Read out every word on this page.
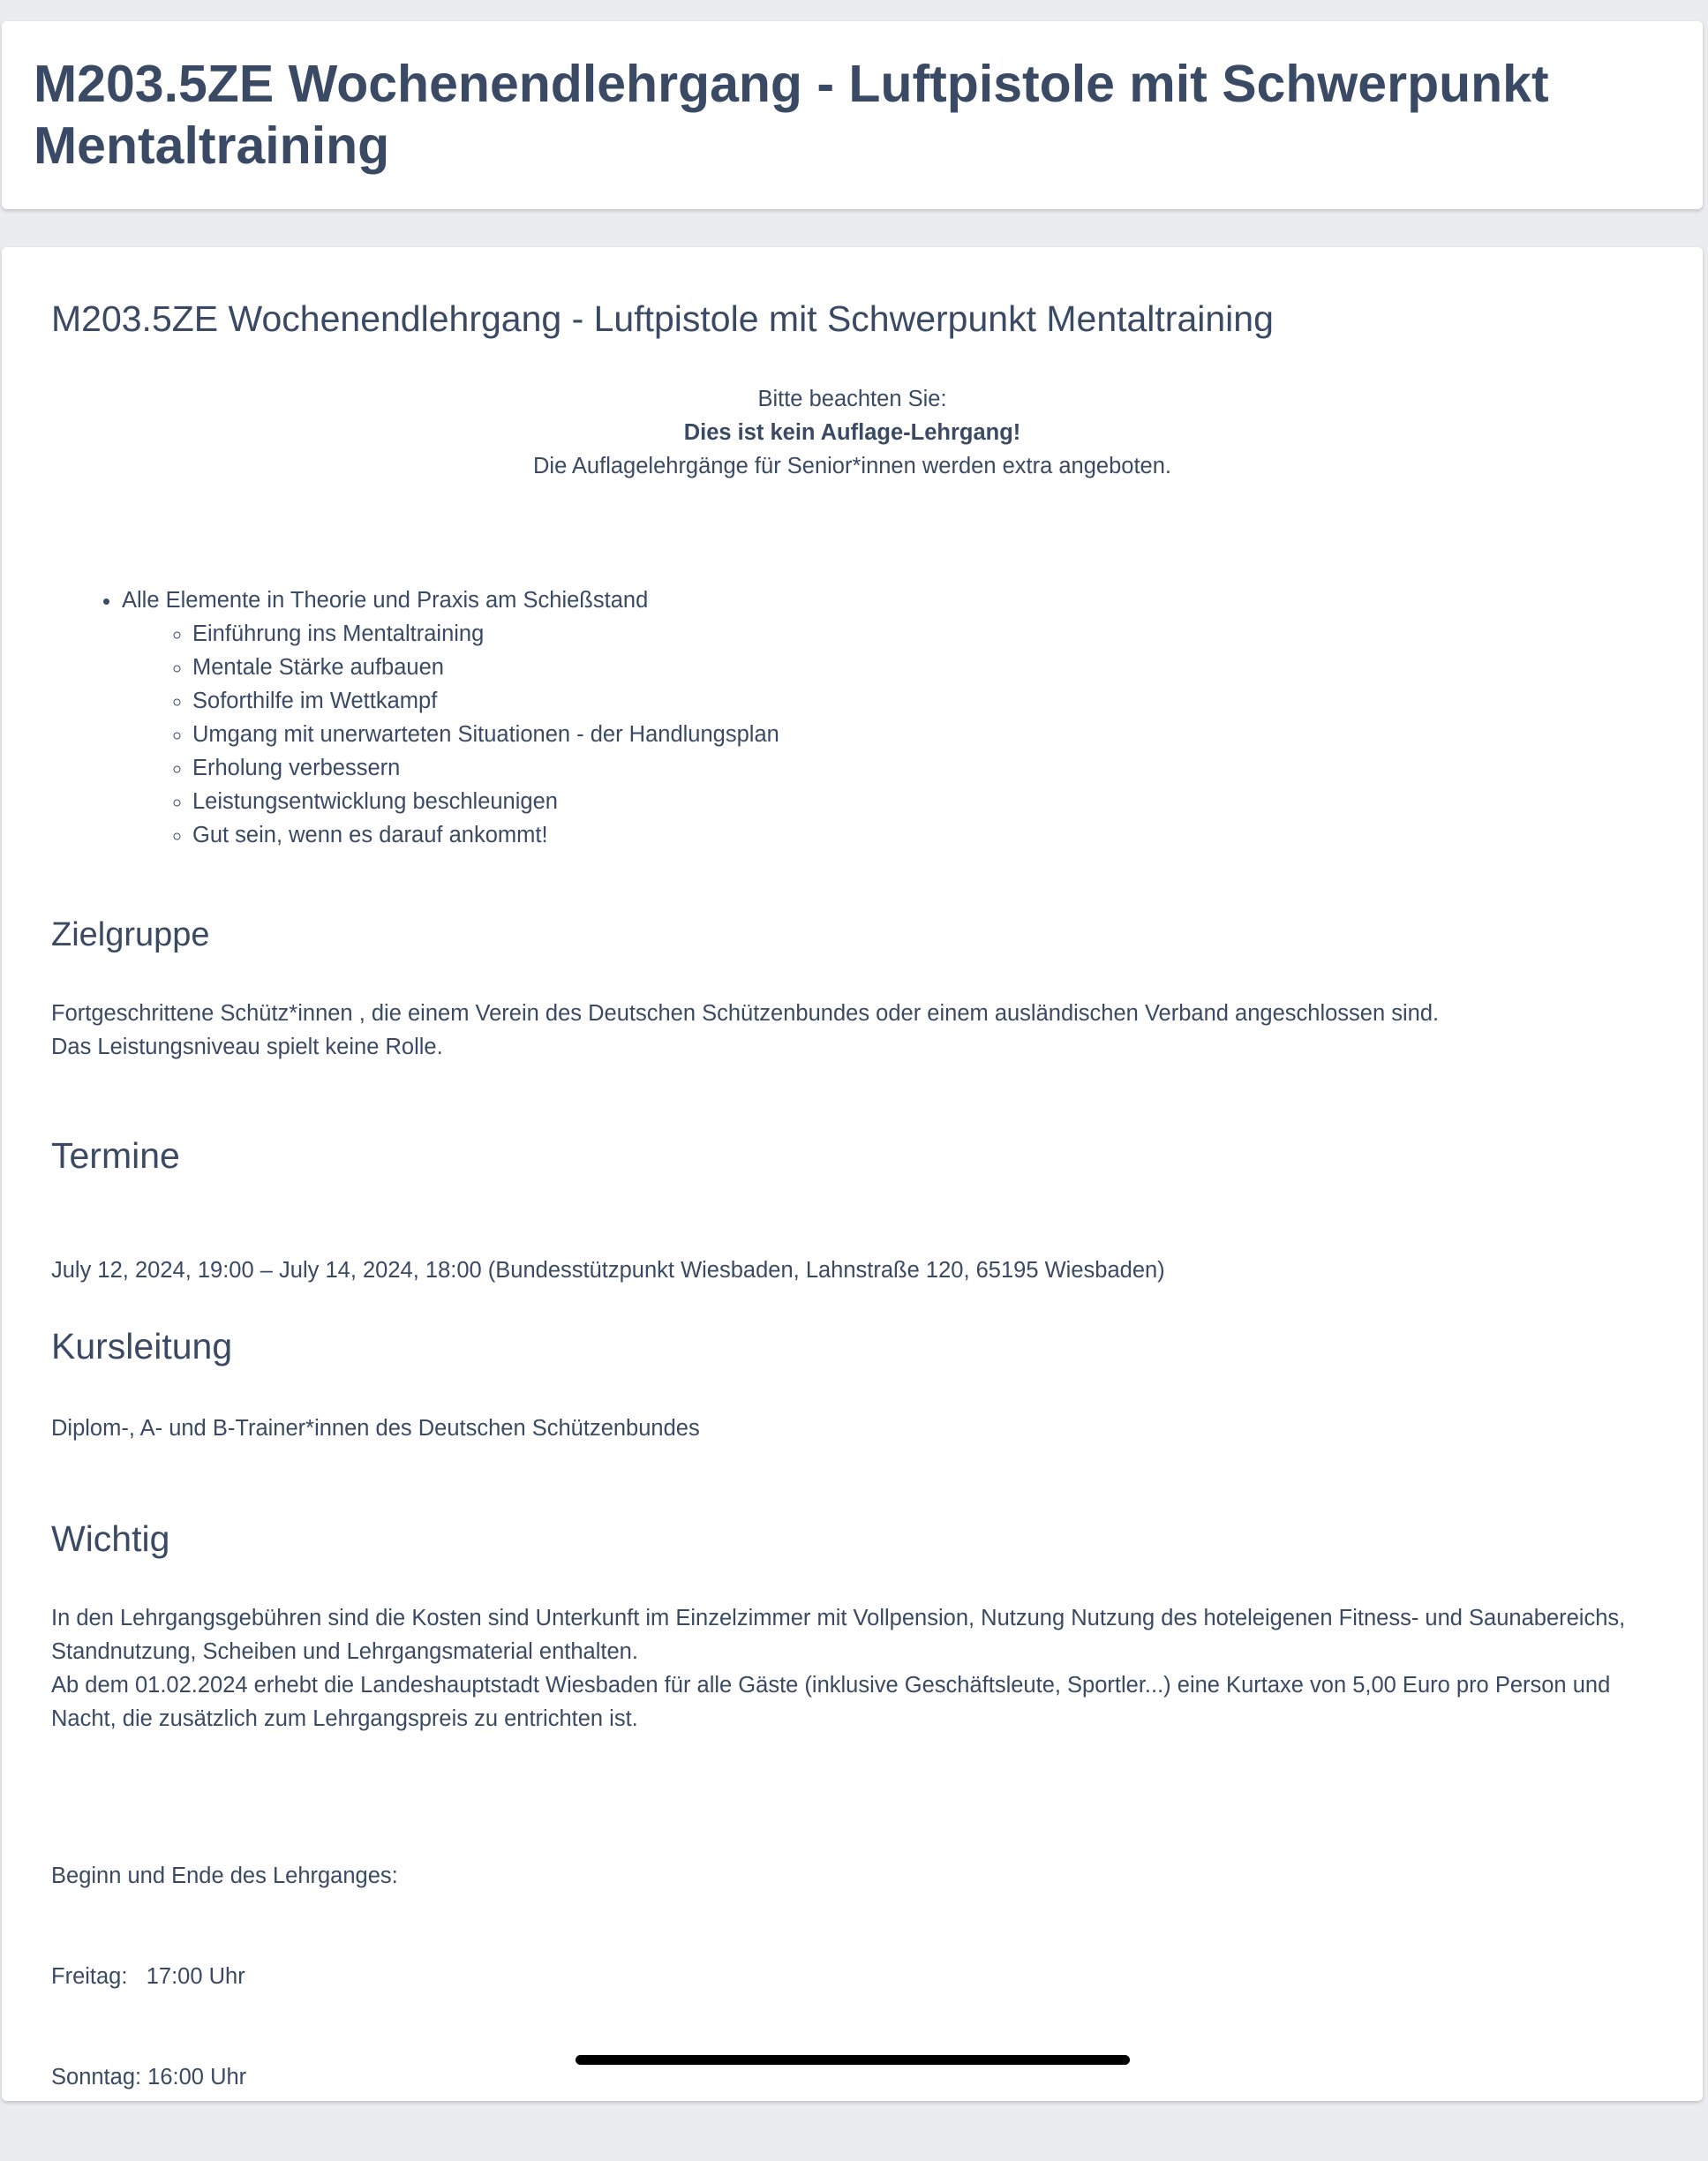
M203.5ZE Wochenendlehrgang - Luftpistole mit Schwerpunkt Mentaltraining
M203.5ZE Wochenendlehrgang - Luftpistole mit Schwerpunkt Mentaltraining
Bitte beachten Sie:
Dies ist kein Auflage-Lehrgang!
Die Auflagelehrgänge für Senior*innen werden extra angeboten.
• Alle Elemente in Theorie und Praxis am Schießstand
◦ Einführung ins Mentaltraining
◦ Mentale Stärke aufbauen
◦ Soforthilfe im Wettkampf
◦ Umgang mit unerwarteten Situationen - der Handlungsplan
◦ Erholung verbessern
◦ Leistungsentwicklung beschleunigen
◦ Gut sein, wenn es darauf ankommt!
Zielgruppe
Fortgeschrittene Schütz*innen , die einem Verein des Deutschen Schützenbundes oder einem ausländischen Verband angeschlossen sind.
Das Leistungsniveau spielt keine Rolle.
Termine
July 12, 2024, 19:00 – July 14, 2024, 18:00 (Bundesstützpunkt Wiesbaden, Lahnstraße 120, 65195 Wiesbaden)
Kursleitung
Diplom-, A- und B-Trainer*innen des Deutschen Schützenbundes
Wichtig
In den Lehrgangsgebühren sind die Kosten sind Unterkunft im Einzelzimmer mit Vollpension, Nutzung Nutzung des hoteleigenen Fitness- und Saunabereichs, Standnutzung, Scheiben und Lehrgangsmaterial enthalten.
Ab dem 01.02.2024 erhebt die Landeshauptstadt Wiesbaden für alle Gäste (inklusive Geschäftsleute, Sportler...) eine Kurtaxe von 5,00 Euro pro Person und Nacht, die zusätzlich zum Lehrgangspreis zu entrichten ist.

Beginn und Ende des Lehrganges:

Freitag:   17:00 Uhr

Sonntag: 16:00 Uhr
